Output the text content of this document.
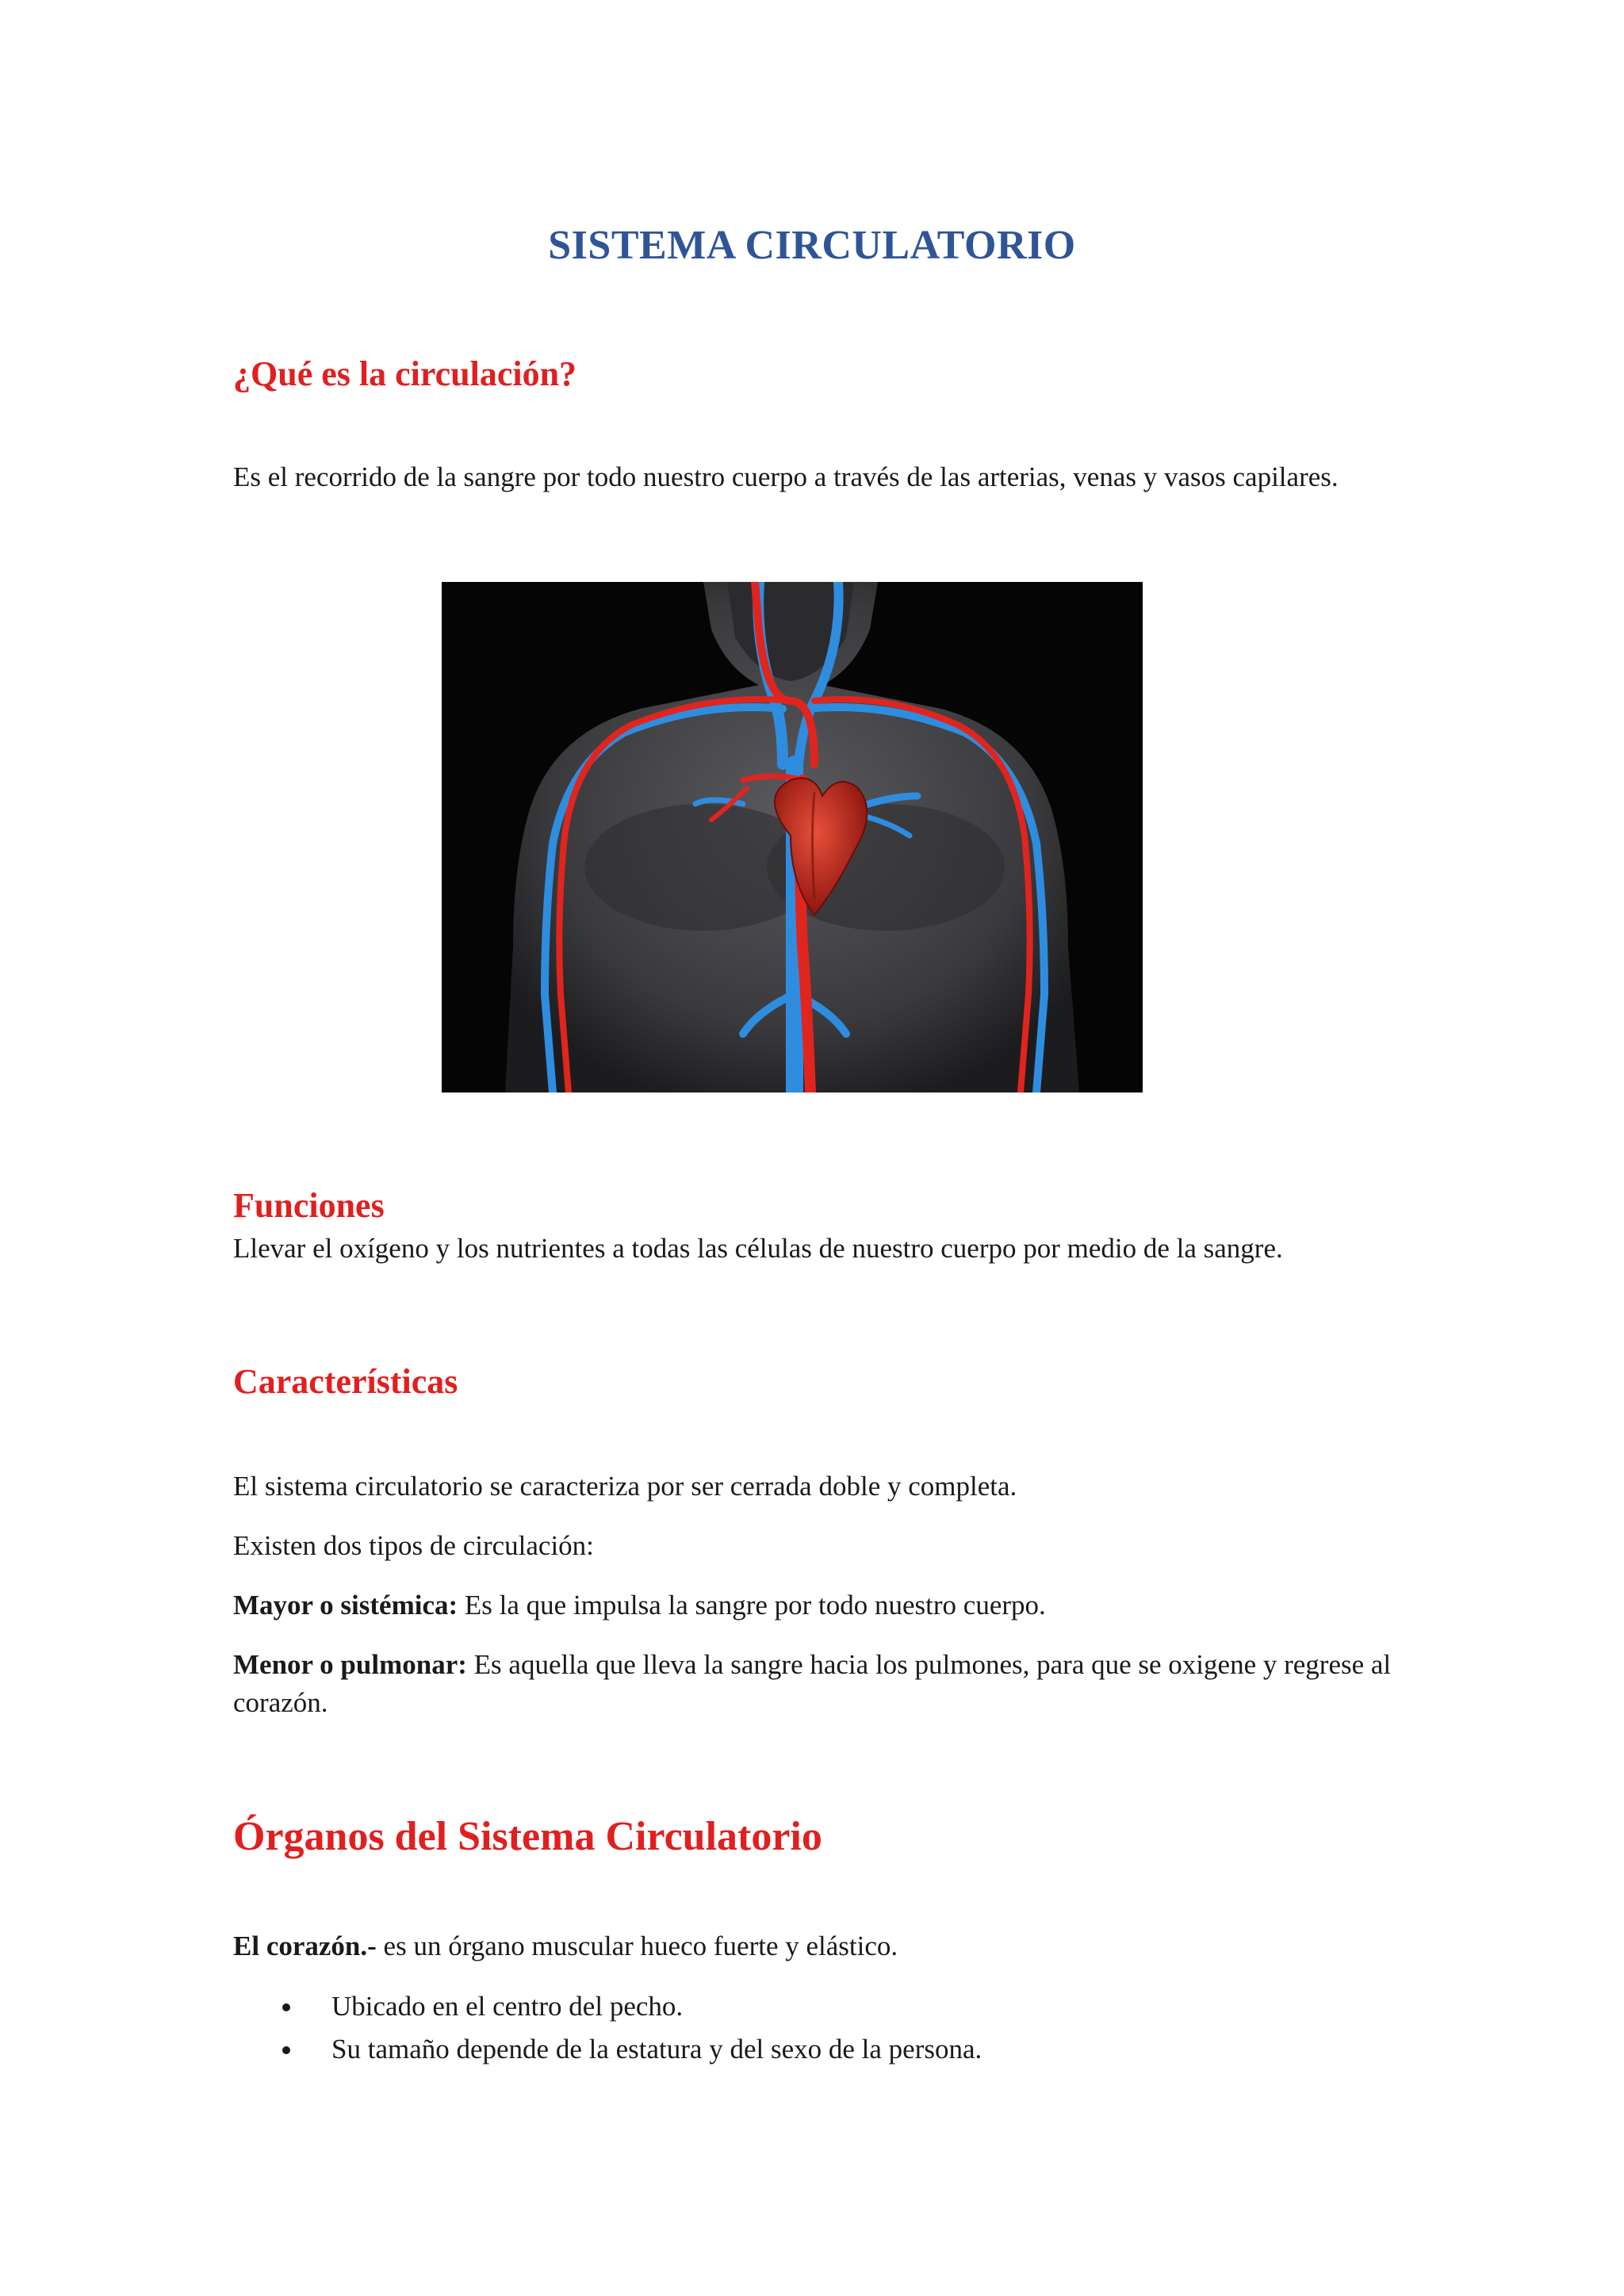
SISTEMA CIRCULATORIO
¿Qué es la circulación?

Es el recorrido de la sangre por todo nuestro cuerpo a través de las arterias, venas y vasos capilares.

Funciones

Llevar el oxígeno y los nutrientes a todas las células de nuestro cuerpo por medio de la sangre.

Características

El sistema circulatorio se caracteriza por ser cerrada doble y completa.

Existen dos tipos de circulación:

Mayor o sistémica: Es la que impulsa la sangre por todo nuestro cuerpo.

Menor o pulmonar: Es aquella que lleva la sangre hacia los pulmones, para que se oxigene y regrese al corazón.

Órganos del Sistema Circulatorio

El corazón.- es un órgano muscular hueco fuerte y elástico.

Ubicado en el centro del pecho.
Su tamaño depende de la estatura y del sexo de la persona.
